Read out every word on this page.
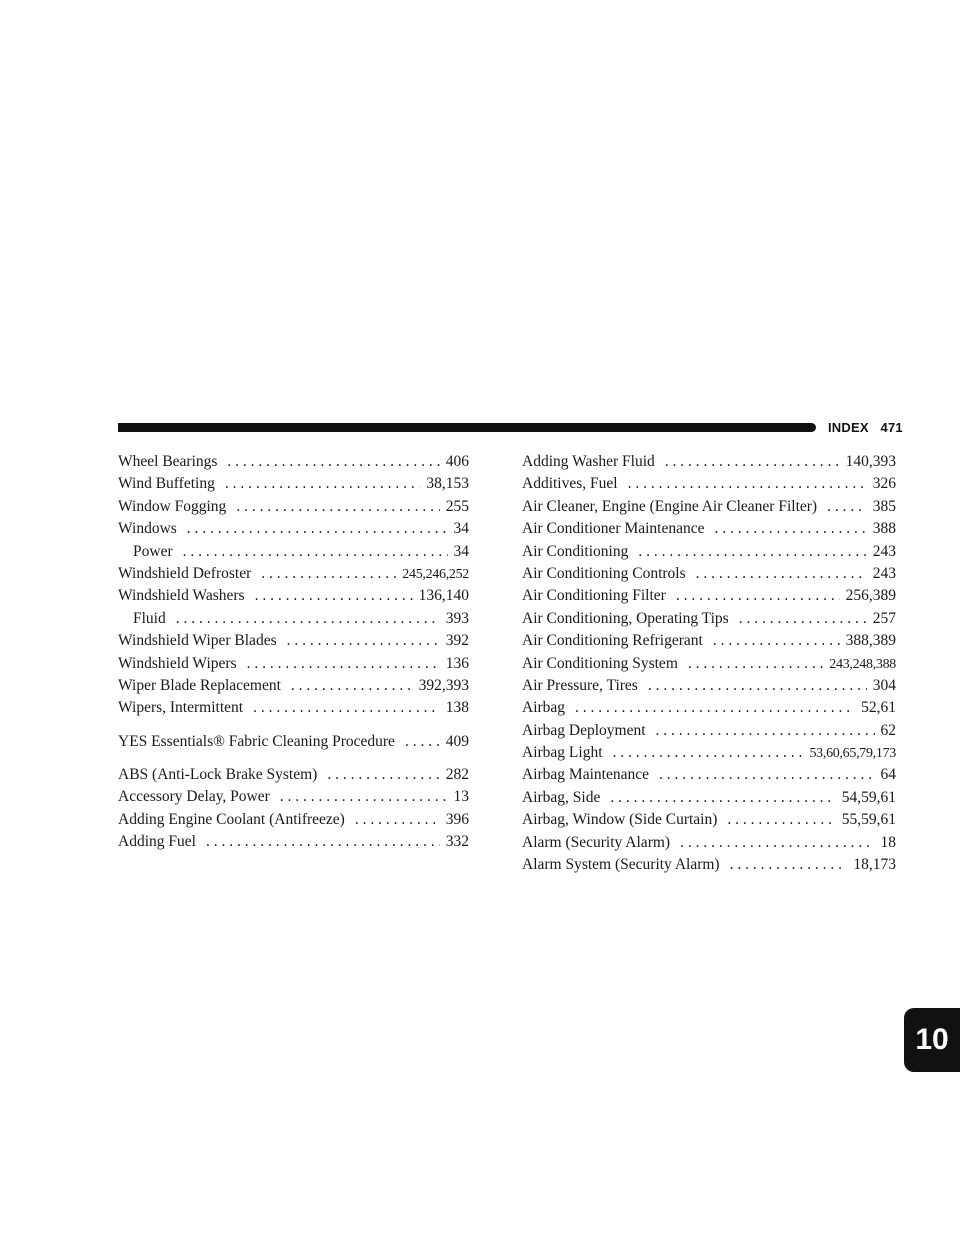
INDEX 471
Wheel Bearings . . .	406
Wind Buffeting . . .	38,153
Window Fogging . . .	255
Windows . . .	34
Power . . .	34
Windshield Defroster . . .	245,246,252
Windshield Washers . . .	136,140
Fluid . . .	393
Windshield Wiper Blades . . .	392
Windshield Wipers . . .	136
Wiper Blade Replacement . . .	392,393
Wipers, Intermittent . . .	138
YES Essentials® Fabric Cleaning Procedure . . .	409
ABS (Anti-Lock Brake System) . . .	282
Accessory Delay, Power . . .	13
Adding Engine Coolant (Antifreeze) . . .	396
Adding Fuel . . .	332
Adding Washer Fluid . . .	140,393
Additives, Fuel . . .	326
Air Cleaner, Engine (Engine Air Cleaner Filter) . . .	385
Air Conditioner Maintenance . . .	388
Air Conditioning . . .	243
Air Conditioning Controls . . .	243
Air Conditioning Filter . . .	256,389
Air Conditioning, Operating Tips . . .	257
Air Conditioning Refrigerant . . .	388,389
Air Conditioning System . . .	243,248,388
Air Pressure, Tires . . .	304
Airbag . . .	52,61
Airbag Deployment . . .	62
Airbag Light . . .	53,60,65,79,173
Airbag Maintenance . . .	64
Airbag, Side . . .	54,59,61
Airbag, Window (Side Curtain) . . .	55,59,61
Alarm (Security Alarm) . . .	18
Alarm System (Security Alarm) . . .	18,173
10
